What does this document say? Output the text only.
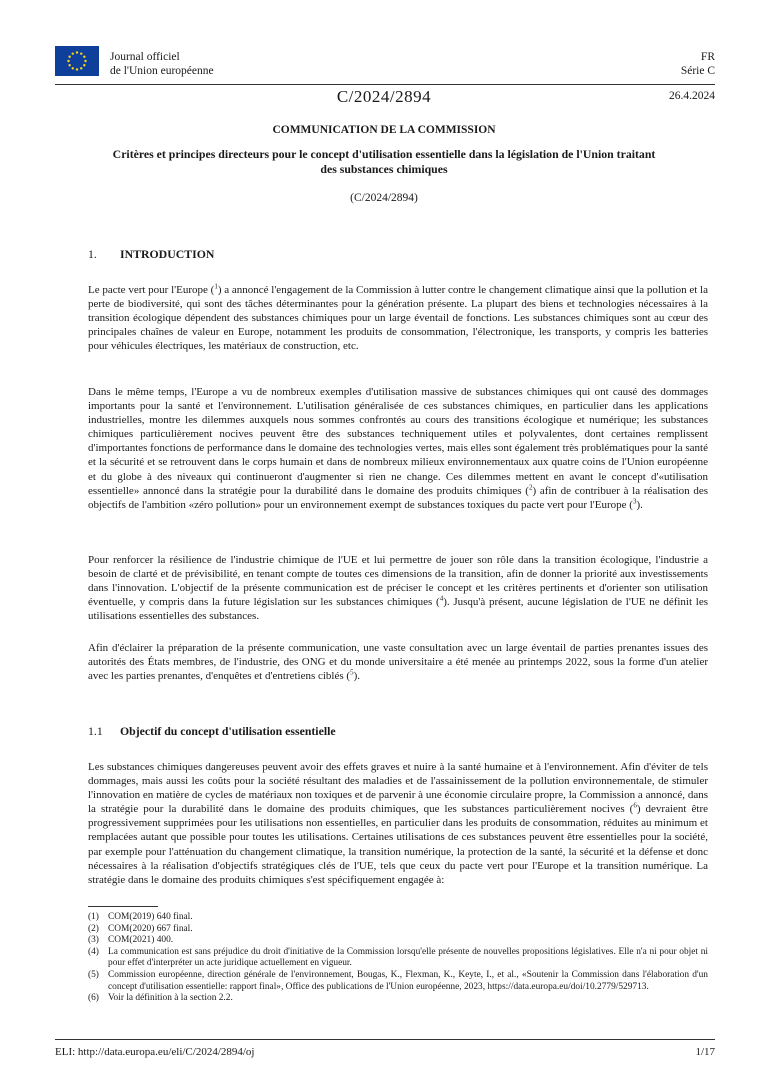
Journal officiel
de l'Union européenne
FR
Série C
C/2024/2894	26.4.2024
COMMUNICATION DE LA COMMISSION
Critères et principes directeurs pour le concept d'utilisation essentielle dans la législation de l'Union traitant des substances chimiques
(C/2024/2894)
1. INTRODUCTION

Le pacte vert pour l'Europe ($^1$) a annoncé l'engagement de la Commission à lutter contre le changement climatique ainsi que la pollution et la perte de biodiversité, qui sont des tâches déterminantes pour la génération présente. La plupart des biens et technologies nécessaires à la transition écologique dépendent des substances chimiques pour un large éventail de fonctions. Les substances chimiques sont au cœur des principales chaînes de valeur en Europe, notamment les produits de consommation, l'électronique, les transports, y compris les batteries pour véhicules électriques, les matériaux de construction, etc.

Dans le même temps, l'Europe a vu de nombreux exemples d'utilisation massive de substances chimiques qui ont causé des dommages importants pour la santé et l'environnement. L'utilisation généralisée de ces substances chimiques, en particulier dans les applications industrielles, montre les dilemmes auxquels nous sommes confrontés au cours des transitions écologique et numérique; les substances chimiques particulièrement nocives peuvent être des substances techniquement utiles et polyvalentes, dont certaines remplissent d'importantes fonctions de performance dans le domaine des technologies vertes, mais elles sont également très problématiques pour la santé et la sécurité et se retrouvent dans le corps humain et dans de nombreux milieux environnementaux aux quatre coins de l'Union européenne et du globe à des niveaux qui continueront d'augmenter si rien ne change. Ces dilemmes mettent en avant le concept d'«utilisation essentielle» annoncé dans la stratégie pour la durabilité dans le domaine des produits chimiques ($^2$) afin de contribuer à la réalisation des objectifs de l'ambition «zéro pollution» pour un environnement exempt de substances toxiques du pacte vert pour l'Europe ($^3$).

Pour renforcer la résilience de l'industrie chimique de l'UE et lui permettre de jouer son rôle dans la transition écologique, l'industrie a besoin de clarté et de prévisibilité, en tenant compte de toutes ces dimensions de la transition, afin de donner la priorité aux investissements dans l'innovation. L'objectif de la présente communication est de préciser le concept et les critères pertinents et d'orienter son utilisation éventuelle, y compris dans la future législation sur les substances chimiques ($^4$). Jusqu'à présent, aucune législation de l'UE ne définit les utilisations essentielles des substances.

Afin d'éclairer la préparation de la présente communication, une vaste consultation avec un large éventail de parties prenantes issues des autorités des États membres, de l'industrie, des ONG et du monde universitaire a été menée au printemps 2022, sous la forme d'un atelier avec les parties prenantes, d'enquêtes et d'entretiens ciblés ($^5$).

1.1 Objectif du concept d'utilisation essentielle

Les substances chimiques dangereuses peuvent avoir des effets graves et nuire à la santé humaine et à l'environnement. Afin d'éviter de tels dommages, mais aussi les coûts pour la société résultant des maladies et de l'assainissement de la pollution environnementale, de stimuler l'innovation en matière de cycles de matériaux non toxiques et de parvenir à une économie circulaire propre, la Commission a annoncé, dans la stratégie pour la durabilité dans le domaine des produits chimiques, que les substances particulièrement nocives ($^6$) devraient être progressivement supprimées pour les utilisations non essentielles, en particulier dans les produits de consommation, réduites au minimum et remplacées autant que possible pour toutes les utilisations. Certaines utilisations de ces substances peuvent être essentielles pour la société, par exemple pour l'atténuation du changement climatique, la transition numérique, la protection de la santé, la sécurité et la défense et donc nécessaires à la réalisation d'objectifs stratégiques clés de l'UE, tels que ceux du pacte vert pour l'Europe et la transition numérique. La stratégie dans le domaine des produits chimiques s'est spécifiquement engagée à:

(1) COM(2019) 640 final.
(2) COM(2020) 667 final.
(3) COM(2021) 400.
(4) La communication est sans préjudice du droit d'initiative de la Commission lorsqu'elle présente de nouvelles propositions législatives. Elle n'a ni pour objet ni pour effet d'interpréter un acte juridique actuellement en vigueur.
(5) Commission européenne, direction générale de l'environnement, Bougas, K., Flexman, K., Keyte, I., et al., «Soutenir la Commission dans l'élaboration d'un concept d'utilisation essentielle: rapport final», Office des publications de l'Union européenne, 2023, https://data.europa.eu/doi/10.2779/529713.
(6) Voir la définition à la section 2.2.
ELI: http://data.europa.eu/eli/C/2024/2894/oj	1/17
